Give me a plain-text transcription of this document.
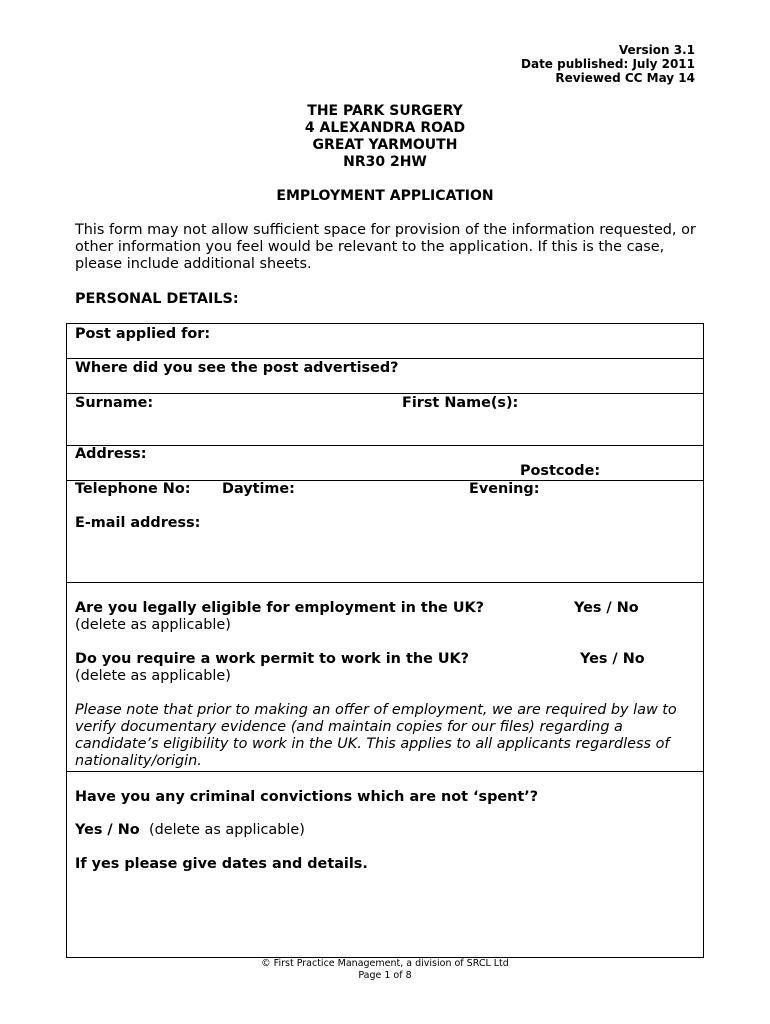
Version 3.1
Date published: July 2011
Reviewed CC May 14
THE PARK SURGERY
4 ALEXANDRA ROAD
GREAT YARMOUTH
NR30 2HW
EMPLOYMENT APPLICATION
This form may not allow sufficient space for provision of the information requested, or other information you feel would be relevant to the application. If this is the case, please include additional sheets.
PERSONAL DETAILS:
Post applied for:
Where did you see the post advertised?
Surname:	First Name(s):
Address:
Postcode:
Telephone No: Daytime:	Evening:
E-mail address:
Are you legally eligible for employment in the UK?	Yes / No
(delete as applicable)
Do you require a work permit to work in the UK?	Yes / No
(delete as applicable)
Please note that prior to making an offer of employment, we are required by law to verify documentary evidence (and maintain copies for our files) regarding a candidate’s eligibility to work in the UK. This applies to all applicants regardless of nationality/origin.
Have you any criminal convictions which are not ‘spent’?
Yes / No (delete as applicable)
If yes please give dates and details.
© First Practice Management, a division of SRCL Ltd
Page 1 of 8
